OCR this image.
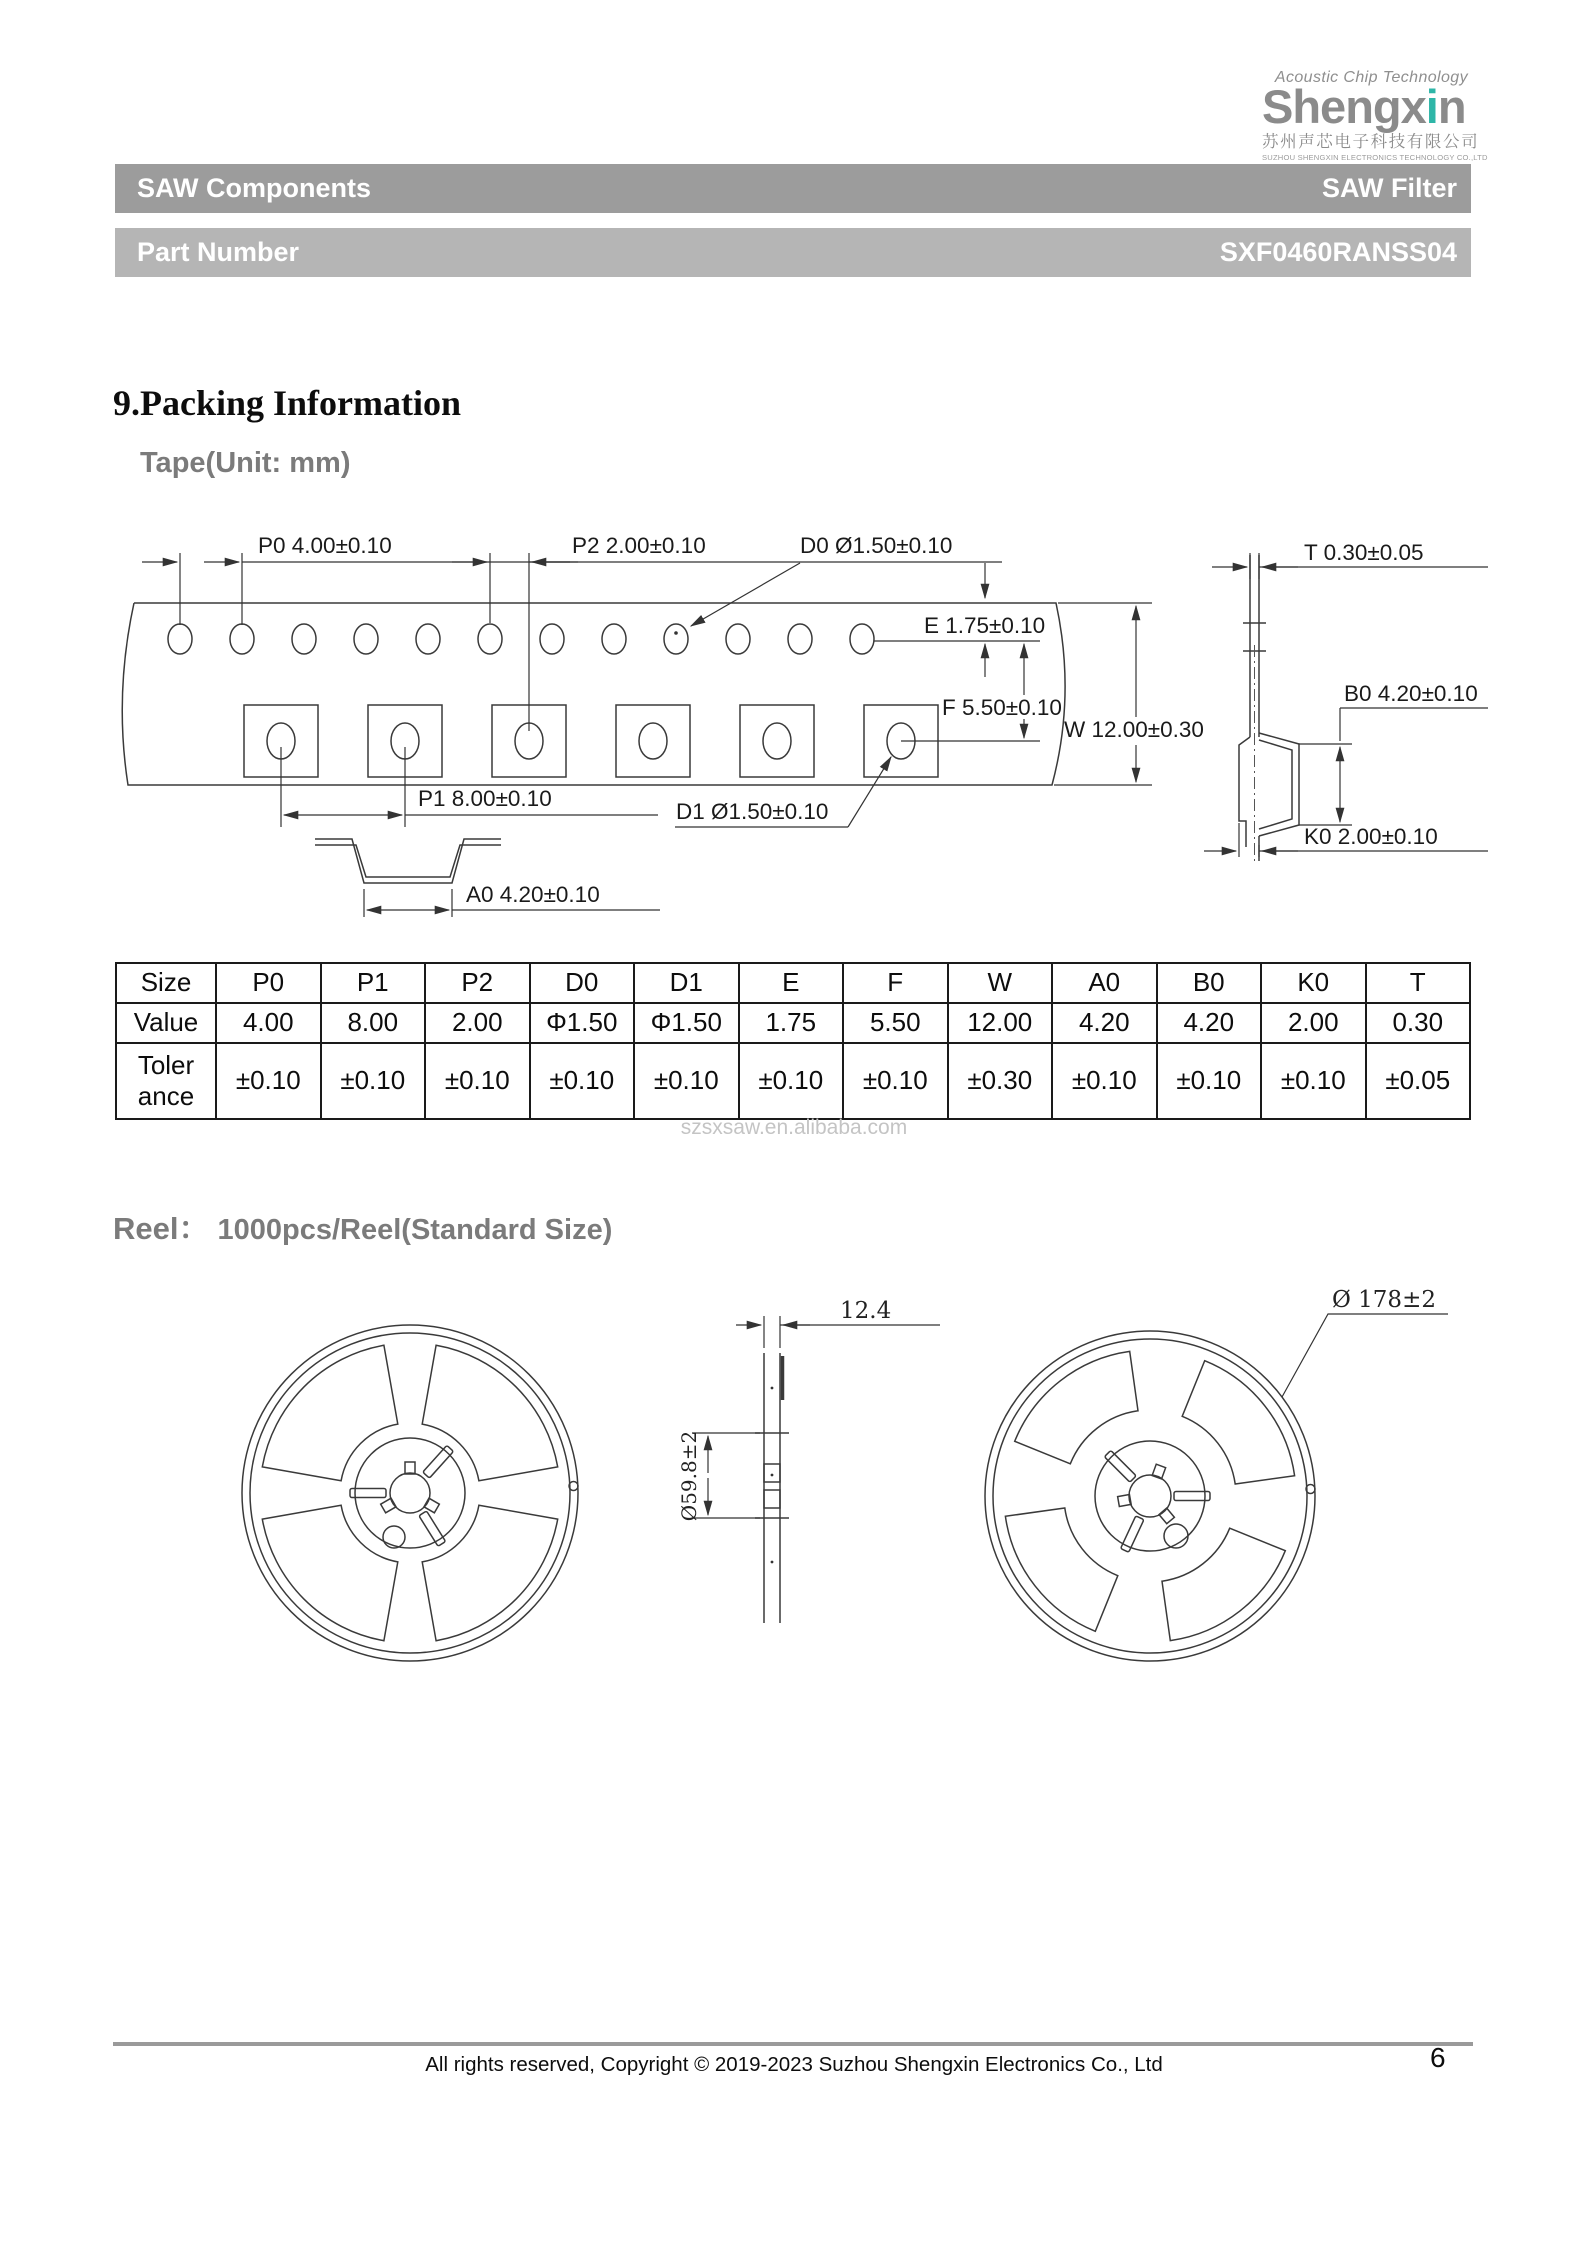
Acoustic Chip Technology
Shengxin
苏州声芯电子科技有限公司
SUZHOU SHENGXIN ELECTRONICS TECHNOLOGY CO.,LTD
SAW Components	SAW Filter
Part Number	SXF0460RANSS04
9.Packing Information
Tape(Unit: mm)
P0 4.00±0.10	P2 2.00±0.10	D0 Ø1.50±0.10	T 0.30±0.05
E 1.75±0.10
F 5.50±0.10
W 12.00±0.30
B0 4.20±0.10
P1 8.00±0.10
D1 Ø1.50±0.10
K0 2.00±0.10
A0 4.20±0.10
Size	P0	P1	P2	D0	D1	E	F	W	A0	B0	K0	T
Value	4.00	8.00	2.00	Φ1.50	Φ1.50	1.75	5.50	12.00	4.20	4.20	2.00	0.30
Toler ance	±0.10	±0.10	±0.10	±0.10	±0.10	±0.10	±0.10	±0.30	±0.10	±0.10	±0.10	±0.05
szsxsaw.en.alibaba.com
Reel： 1000pcs/Reel(Standard Size)
12.4
Ø59.8±2
Ø 178±2
All rights reserved, Copyright © 2019-2023 Suzhou Shengxin Electronics Co., Ltd	6
